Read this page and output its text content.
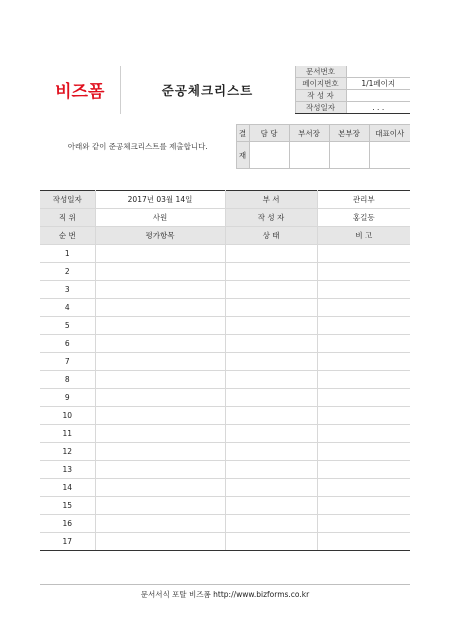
비즈폼	준공체크리스트	문서번호	
		페이지번호	1/1페이지
		작 성 자	
		작성일자	. . .
아래와 같이 준공체크리스트를 제출합니다.	결	담 당	부서장	본부장	대표이사
	재				
작성일자	2017년 03월 14일	부 서	관리부
직 위	사원	작 성 자	홍길동
순 번	평가항목	상 태	비 고
1			
2			
3			
4			
5			
6			
7			
8			
9			
10			
11			
12			
13			
14			
15			
16			
17			
문서서식 포탈 비즈폼 http://www.bizforms.co.kr
